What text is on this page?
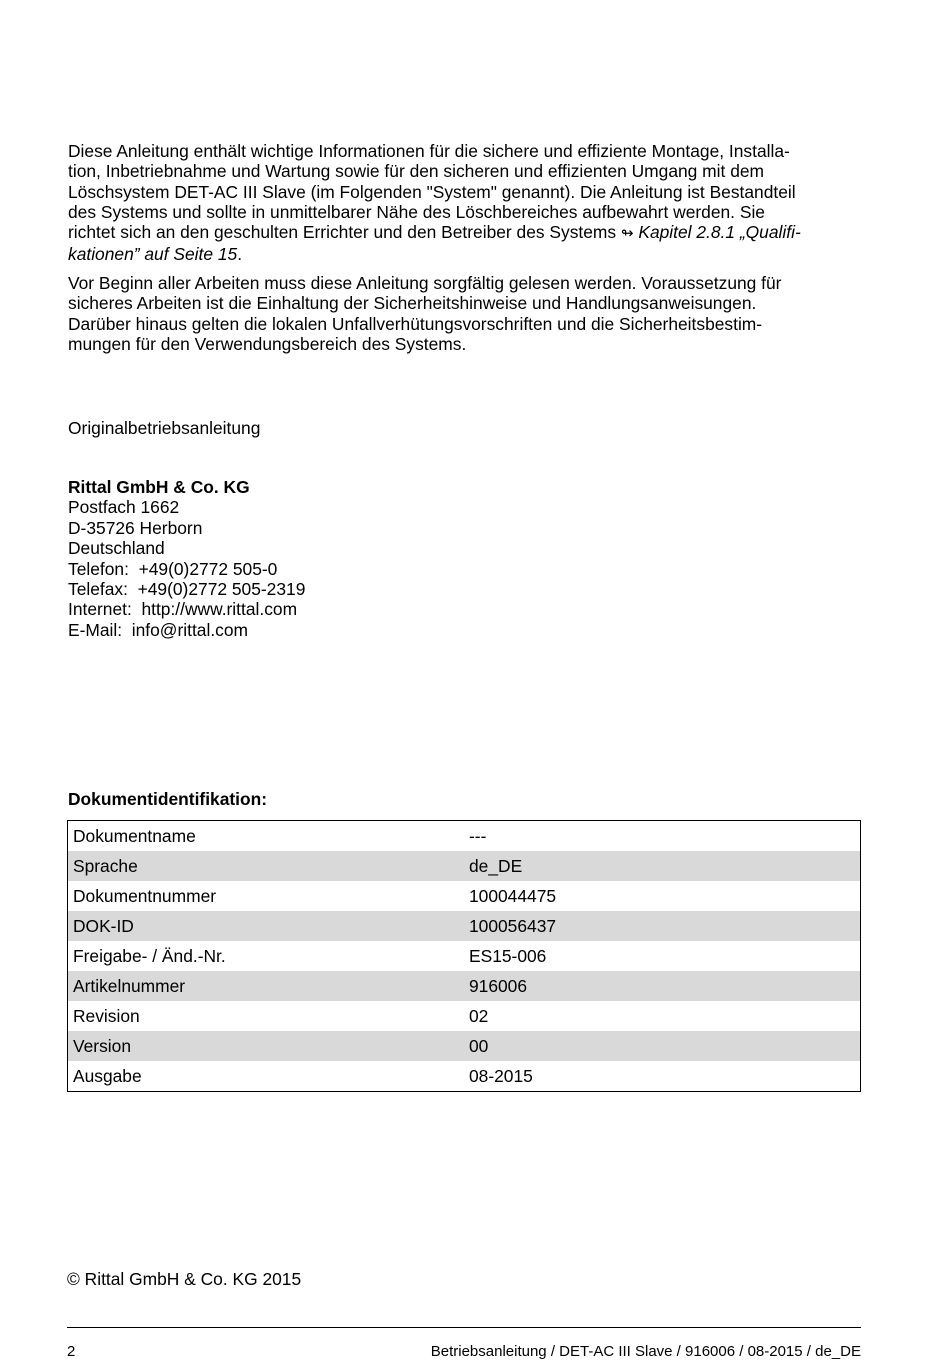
Diese Anleitung enthält wichtige Informationen für die sichere und effiziente Montage, Installa-
tion, Inbetriebnahme und Wartung sowie für den sicheren und effizienten Umgang mit dem
Löschsystem DET-AC III Slave (im Folgenden "System" genannt). Die Anleitung ist Bestandteil
des Systems und sollte in unmittelbarer Nähe des Löschbereiches aufbewahrt werden. Sie
richtet sich an den geschulten Errichter und den Betreiber des Systems ↬ Kapitel 2.8.1 „Qualifi-
kationen” auf Seite 15.
Vor Beginn aller Arbeiten muss diese Anleitung sorgfältig gelesen werden. Voraussetzung für
sicheres Arbeiten ist die Einhaltung der Sicherheitshinweise und Handlungsanweisungen.
Darüber hinaus gelten die lokalen Unfallverhütungsvorschriften und die Sicherheitsbestim-
mungen für den Verwendungsbereich des Systems.
Originalbetriebsanleitung
Rittal GmbH & Co. KG
Postfach 1662
D-35726 Herborn
Deutschland
Telefon:  +49(0)2772 505-0
Telefax:  +49(0)2772 505-2319
Internet:  http://www.rittal.com
E-Mail:  info@rittal.com
Dokumentidentifikation:
Dokumentname	---
Sprache	de_DE
Dokumentnummer	100044475
DOK-ID	100056437
Freigabe- / Änd.-Nr.	ES15-006
Artikelnummer	916006
Revision	02
Version	00
Ausgabe	08-2015
© Rittal GmbH & Co. KG 2015
2	Betriebsanleitung / DET-AC III Slave / 916006 / 08-2015 / de_DE
